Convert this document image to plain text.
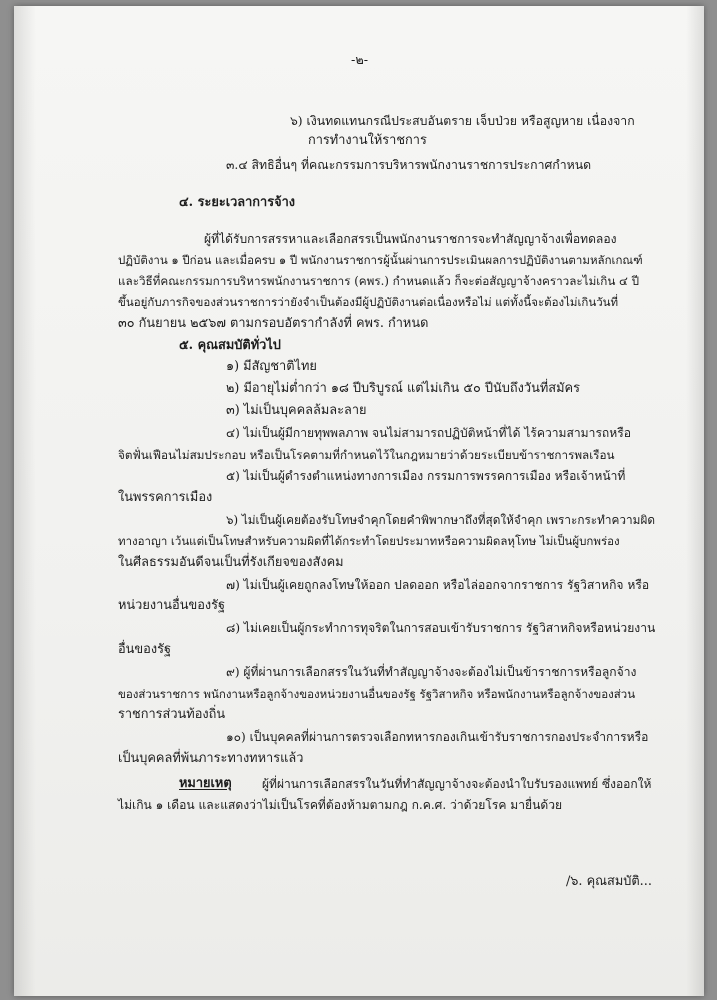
-๒-
๖) เงินทดแทนกรณีประสบอันตราย เจ็บป่วย หรือสูญหาย เนื่องจาก
การทำงานให้ราชการ
๓.๔ สิทธิอื่นๆ ที่คณะกรรมการบริหารพนักงานราชการประกาศกำหนด
๔. ระยะเวลาการจ้าง
ผู้ที่ได้รับการสรรหาและเลือกสรรเป็นพนักงานราชการจะทำสัญญาจ้างเพื่อทดลอง
ปฏิบัติงาน ๑ ปีก่อน และเมื่อครบ ๑ ปี พนักงานราชการผู้นั้นผ่านการประเมินผลการปฏิบัติงานตามหลักเกณฑ์
และวิธีที่คณะกรรมการบริหารพนักงานราชการ (คพร.) กำหนดแล้ว ก็จะต่อสัญญาจ้างคราวละไม่เกิน ๔ ปี
ขึ้นอยู่กับภารกิจของส่วนราชการว่ายังจำเป็นต้องมีผู้ปฏิบัติงานต่อเนื่องหรือไม่ แต่ทั้งนี้จะต้องไม่เกินวันที่
๓๐ กันยายน ๒๕๖๗ ตามกรอบอัตรากำลังที่ คพร. กำหนด
๕. คุณสมบัติทั่วไป
๑) มีสัญชาติไทย
๒) มีอายุไม่ต่ำกว่า ๑๘ ปีบริบูรณ์ แต่ไม่เกิน ๕๐ ปีนับถึงวันที่สมัคร
๓) ไม่เป็นบุคคลล้มละลาย
๔) ไม่เป็นผู้มีกายทุพพลภาพ จนไม่สามารถปฏิบัติหน้าที่ได้ ไร้ความสามารถหรือ
จิตฟั่นเฟือนไม่สมประกอบ หรือเป็นโรคตามที่กำหนดไว้ในกฎหมายว่าด้วยระเบียบข้าราชการพลเรือน
๕) ไม่เป็นผู้ดำรงตำแหน่งทางการเมือง กรรมการพรรคการเมือง หรือเจ้าหน้าที่
ในพรรคการเมือง
๖) ไม่เป็นผู้เคยต้องรับโทษจำคุกโดยคำพิพากษาถึงที่สุดให้จำคุก เพราะกระทำความผิด
ทางอาญา เว้นแต่เป็นโทษสำหรับความผิดที่ได้กระทำโดยประมาทหรือความผิดลหุโทษ ไม่เป็นผู้บกพร่อง
ในศีลธรรมอันดีจนเป็นที่รังเกียจของสังคม
๗) ไม่เป็นผู้เคยถูกลงโทษให้ออก ปลดออก หรือไล่ออกจากราชการ รัฐวิสาหกิจ หรือ
หน่วยงานอื่นของรัฐ
๘) ไม่เคยเป็นผู้กระทำการทุจริตในการสอบเข้ารับราชการ รัฐวิสาหกิจหรือหน่วยงาน
อื่นของรัฐ
๙) ผู้ที่ผ่านการเลือกสรรในวันที่ทำสัญญาจ้างจะต้องไม่เป็นข้าราชการหรือลูกจ้าง
ของส่วนราชการ พนักงานหรือลูกจ้างของหน่วยงานอื่นของรัฐ รัฐวิสาหกิจ หรือพนักงานหรือลูกจ้างของส่วน
ราชการส่วนท้องถิ่น
๑๐) เป็นบุคคลที่ผ่านการตรวจเลือกทหารกองเกินเข้ารับราชการกองประจำการหรือ
เป็นบุคคลที่พ้นภาระทางทหารแล้ว
หมายเหตุ	ผู้ที่ผ่านการเลือกสรรในวันที่ทำสัญญาจ้างจะต้องนำใบรับรองแพทย์ ซึ่งออกให้
ไม่เกิน ๑ เดือน และแสดงว่าไม่เป็นโรคที่ต้องห้ามตามกฎ ก.ค.ศ. ว่าด้วยโรค มายื่นด้วย
/๖. คุณสมบัติ...
